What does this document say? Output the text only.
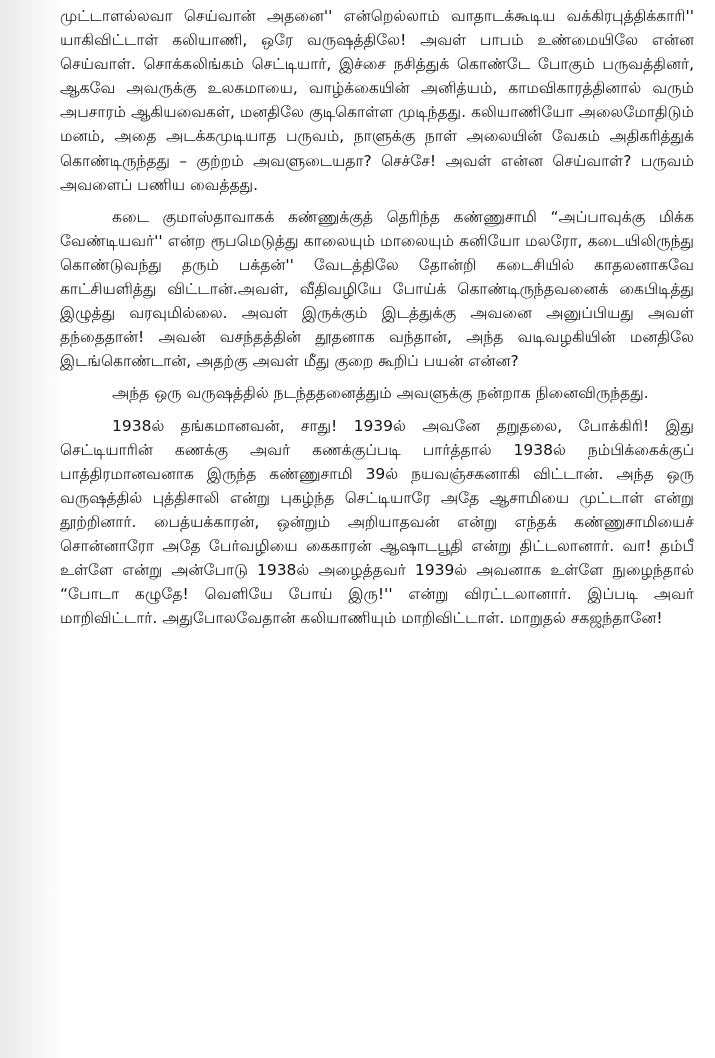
முட்டாளல்லவா செய்வான் அதனை'' என்றெல்லாம் வாதாடக்கூடிய வக்கிரபுத்திக்காரி'' யாகிவிட்டாள் கலியாணி, ஒரே வருஷத்திலே! அவள் பாபம் உண்மையிலே என்ன செய்வாள். சொக்கலிங்கம் செட்டியார், இச்சை நசித்துக் கொண்டே போகும் பருவத்தினர், ஆகவே அவருக்கு உலகமாயை, வாழ்க்கையின் அனித்யம், காமவிகாரத்தினால் வரும் அபசாரம் ஆகியவைகள், மனதிலே குடிகொள்ள முடிந்தது. கலியாணியோ அலைமோதிடும் மனம், அதை அடக்கமுடியாத பருவம், நாளுக்கு நாள் அலையின் வேகம் அதிகரித்துக் கொண்டிருந்தது – குற்றம் அவளுடையதா? செச்சே! அவள் என்ன செய்வாள்? பருவம் அவளைப் பணிய வைத்தது.

கடை குமாஸ்தாவாகக் கண்ணுக்குத் தெரிந்த கண்ணுசாமி “அப்பாவுக்கு மிக்க வேண்டியவர்'' என்ற ரூபமெடுத்து காலையும் மாலையும் கனியோ மலரோ, கடையிலிருந்து கொண்டுவந்து தரும் பக்தன்'' வேடத்திலே தோன்றி கடைசியில் காதலனாகவே காட்சியளித்து விட்டான்.அவள், வீதிவழியே போய்க் கொண்டிருந்தவனைக் கைபிடித்து இழுத்து வரவுமில்லை. அவள் இருக்கும் இடத்துக்கு அவனை அனுப்பியது அவள் தந்தைதான்! அவன் வசந்தத்தின் தூதனாக வந்தான், அந்த வடிவழகியின் மனதிலே இடங்கொண்டான், அதற்கு அவள் மீது குறை கூறிப் பயன் என்ன?

அந்த ஒரு வருஷத்தில் நடந்ததனைத்தும் அவளுக்கு நன்றாக நினைவிருந்தது.

1938ல் தங்கமானவன், சாது! 1939ல் அவனே தறுதலை, போக்கிரி! இது செட்டியாரின் கணக்கு அவர் கணக்குப்படி பார்த்தால் 1938ல் நம்பிக்கைக்குப் பாத்திரமானவனாக இருந்த கண்ணுசாமி 39ல் நயவஞ்சகனாகி விட்டான். அந்த ஒரு வருஷத்தில் புத்திசாலி என்று புகழ்ந்த செட்டியாரே அதே ஆசாமியை முட்டாள் என்று தூற்றினார். பைத்யக்காரன், ஒன்றும் அறியாதவன் என்று எந்தக் கண்ணுசாமியைச் சொன்னாரோ அதே பேர்வழியை கைகாரன் ஆஷாடபூதி என்று திட்டலானார். வா! தம்பீ உள்ளே என்று அன்போடு 1938ல் அழைத்தவர் 1939ல் அவனாக உள்ளே நுழைந்தால் “போடா கழுதே! வெளியே போய் இரு!'' என்று விரட்டலானார். இப்படி அவர் மாறிவிட்டார். அதுபோலவேதான் கலியாணியும் மாறிவிட்டாள். மாறுதல் சகஜந்தானே!
